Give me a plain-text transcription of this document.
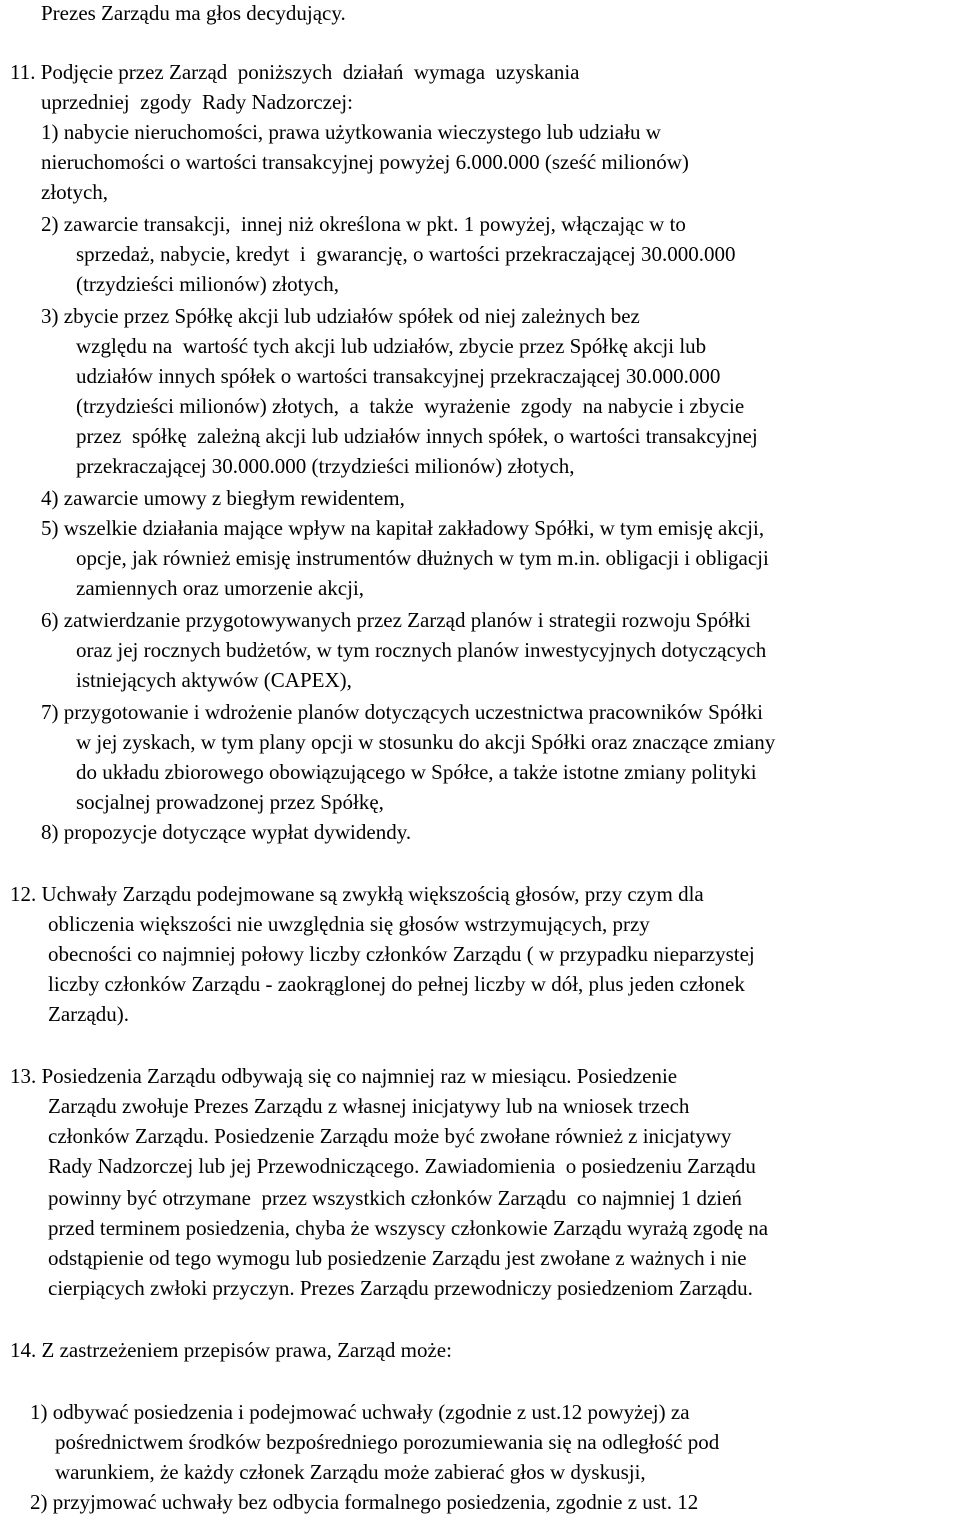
Prezes Zarządu ma głos decydujący.

11. Podjęcie przez Zarząd  poniższych  działań  wymaga  uzyskania

uprzedniej  zgody  Rady Nadzorczej:

1) nabycie nieruchomości, prawa użytkowania wieczystego lub udziału w

nieruchomości o wartości transakcyjnej powyżej 6.000.000 (sześć milionów)

złotych,

2) zawarcie transakcji,  innej niż określona w pkt. 1 powyżej, włączając w to

sprzedaż, nabycie, kredyt  i  gwarancję, o wartości przekraczającej 30.000.000

(trzydzieści milionów) złotych,

3) zbycie przez Spółkę akcji lub udziałów spółek od niej zależnych bez

względu na  wartość tych akcji lub udziałów, zbycie przez Spółkę akcji lub

udziałów innych spółek o wartości transakcyjnej przekraczającej 30.000.000

(trzydzieści milionów) złotych,  a  także  wyrażenie  zgody  na nabycie i zbycie

przez  spółkę  zależną akcji lub udziałów innych spółek, o wartości transakcyjnej

przekraczającej 30.000.000 (trzydzieści milionów) złotych,

4) zawarcie umowy z biegłym rewidentem,

5) wszelkie działania mające wpływ na kapitał zakładowy Spółki, w tym emisję akcji,

opcje, jak również emisję instrumentów dłużnych w tym m.in. obligacji i obligacji

zamiennych oraz umorzenie akcji,

6) zatwierdzanie przygotowywanych przez Zarząd planów i strategii rozwoju Spółki

oraz jej rocznych budżetów, w tym rocznych planów inwestycyjnych dotyczących

istniejących aktywów (CAPEX),

7) przygotowanie i wdrożenie planów dotyczących uczestnictwa pracowników Spółki

w jej zyskach, w tym plany opcji w stosunku do akcji Spółki oraz znaczące zmiany

do układu zbiorowego obowiązującego w Spółce, a także istotne zmiany polityki

socjalnej prowadzonej przez Spółkę,

8) propozycje dotyczące wypłat dywidendy.

12. Uchwały Zarządu podejmowane są zwykłą większością głosów, przy czym dla

obliczenia większości nie uwzględnia się głosów wstrzymujących, przy

obecności co najmniej połowy liczby członków Zarządu ( w przypadku nieparzystej

liczby członków Zarządu - zaokrąglonej do pełnej liczby w dół, plus jeden członek

Zarządu).

13. Posiedzenia Zarządu odbywają się co najmniej raz w miesiącu. Posiedzenie

Zarządu zwołuje Prezes Zarządu z własnej inicjatywy lub na wniosek trzech

członków Zarządu. Posiedzenie Zarządu może być zwołane również z inicjatywy

Rady Nadzorczej lub jej Przewodniczącego. Zawiadomienia  o posiedzeniu Zarządu

powinny być otrzymane  przez wszystkich członków Zarządu  co najmniej 1 dzień

przed terminem posiedzenia, chyba że wszyscy członkowie Zarządu wyrażą zgodę na

odstąpienie od tego wymogu lub posiedzenie Zarządu jest zwołane z ważnych i nie

cierpiących zwłoki przyczyn. Prezes Zarządu przewodniczy posiedzeniom Zarządu.

14. Z zastrzeżeniem przepisów prawa, Zarząd może:

1) odbywać posiedzenia i podejmować uchwały (zgodnie z ust.12 powyżej) za

pośrednictwem środków bezpośredniego porozumiewania się na odległość pod

warunkiem, że każdy członek Zarządu może zabierać głos w dyskusji,

2) przyjmować uchwały bez odbycia formalnego posiedzenia, zgodnie z ust. 12
